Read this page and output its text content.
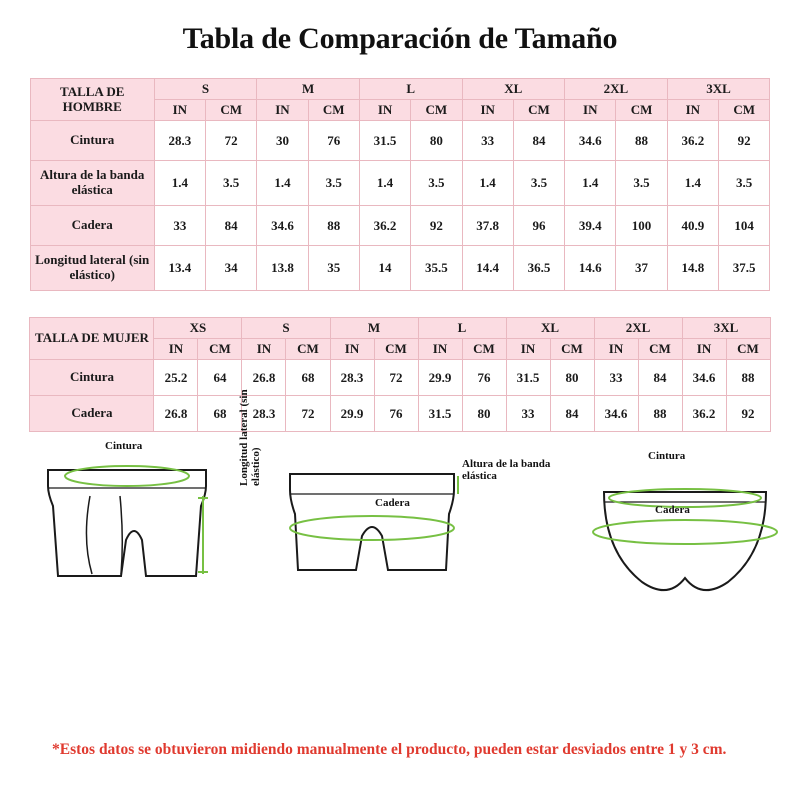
Tabla de Comparación de Tamaño
TALLA DE HOMBRE	S		M		L		XL		2XL		3XL	
	IN	CM	IN	CM	IN	CM	IN	CM	IN	CM	IN	CM
Cintura	28.3	72	30	76	31.5	80	33	84	34.6	88	36.2	92
Altura de la banda elástica	1.4	3.5	1.4	3.5	1.4	3.5	1.4	3.5	1.4	3.5	1.4	3.5
Cadera	33	84	34.6	88	36.2	92	37.8	96	39.4	100	40.9	104
Longitud lateral (sin elástico)	13.4	34	13.8	35	14	35.5	14.4	36.5	14.6	37	14.8	37.5
TALLA DE MUJER	XS		S		M		L		XL		2XL		3XL	
	IN	CM	IN	CM	IN	CM	IN	CM	IN	CM	IN	CM	IN	CM
Cintura	25.2	64	26.8	68	28.3	72	29.9	76	31.5	80	33	84	34.6	88
Cadera	26.8	68	28.3	72	29.9	76	31.5	80	33	84	34.6	88	36.2	92
Cintura	Longitud lateral (sin elástico)
Cadera
Altura de la banda elástica
Cintura
Cadera
*Estos datos se obtuvieron midiendo manualmente el producto, pueden estar desviados entre 1 y 3 cm.
